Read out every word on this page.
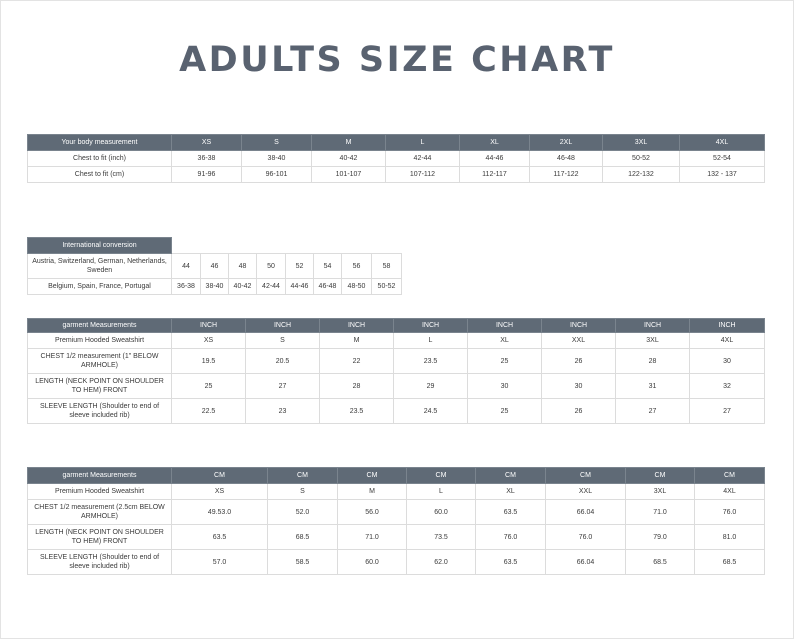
ADULTS SIZE CHART
Your body measurement	XS	S	M	L	XL	2XL	3XL	4XL
Chest to fit (inch)	36-38	38-40	40-42	42-44	44-46	46-48	50-52	52-54
Chest to fit (cm)	91-96	96-101	101-107	107-112	112-117	117-122	122-132	132 - 137
International conversion								
Austria, Switzerland, German, Netherlands, Sweden	44	46	48	50	52	54	56	58
Belgium, Spain, France, Portugal	36-38	38-40	40-42	42-44	44-46	46-48	48-50	50-52
garment Measurements	INCH	INCH	INCH	INCH	INCH	INCH	INCH	INCH
Premium Hooded Sweatshirt	XS	S	M	L	XL	XXL	3XL	4XL
CHEST 1/2 measurement (1" BELOW ARMHOLE)	19.5	20.5	22	23.5	25	26	28	30
LENGTH (NECK POINT ON SHOULDER TO HEM) FRONT	25	27	28	29	30	30	31	32
SLEEVE LENGTH (Shoulder to end of sleeve included rib)	22.5	23	23.5	24.5	25	26	27	27
garment Measurements	CM	CM	CM	CM	CM	CM	CM	CM
Premium Hooded Sweatshirt	XS	S	M	L	XL	XXL	3XL	4XL
CHEST 1/2 measurement (2.5cm BELOW ARMHOLE)	49.53.0	52.0	56.0	60.0	63.5	66.04	71.0	76.0
LENGTH (NECK POINT ON SHOULDER TO HEM) FRONT	63.5	68.5	71.0	73.5	76.0	76.0	79.0	81.0
SLEEVE LENGTH (Shoulder to end of sleeve included rib)	57.0	58.5	60.0	62.0	63.5	66.04	68.5	68.5
